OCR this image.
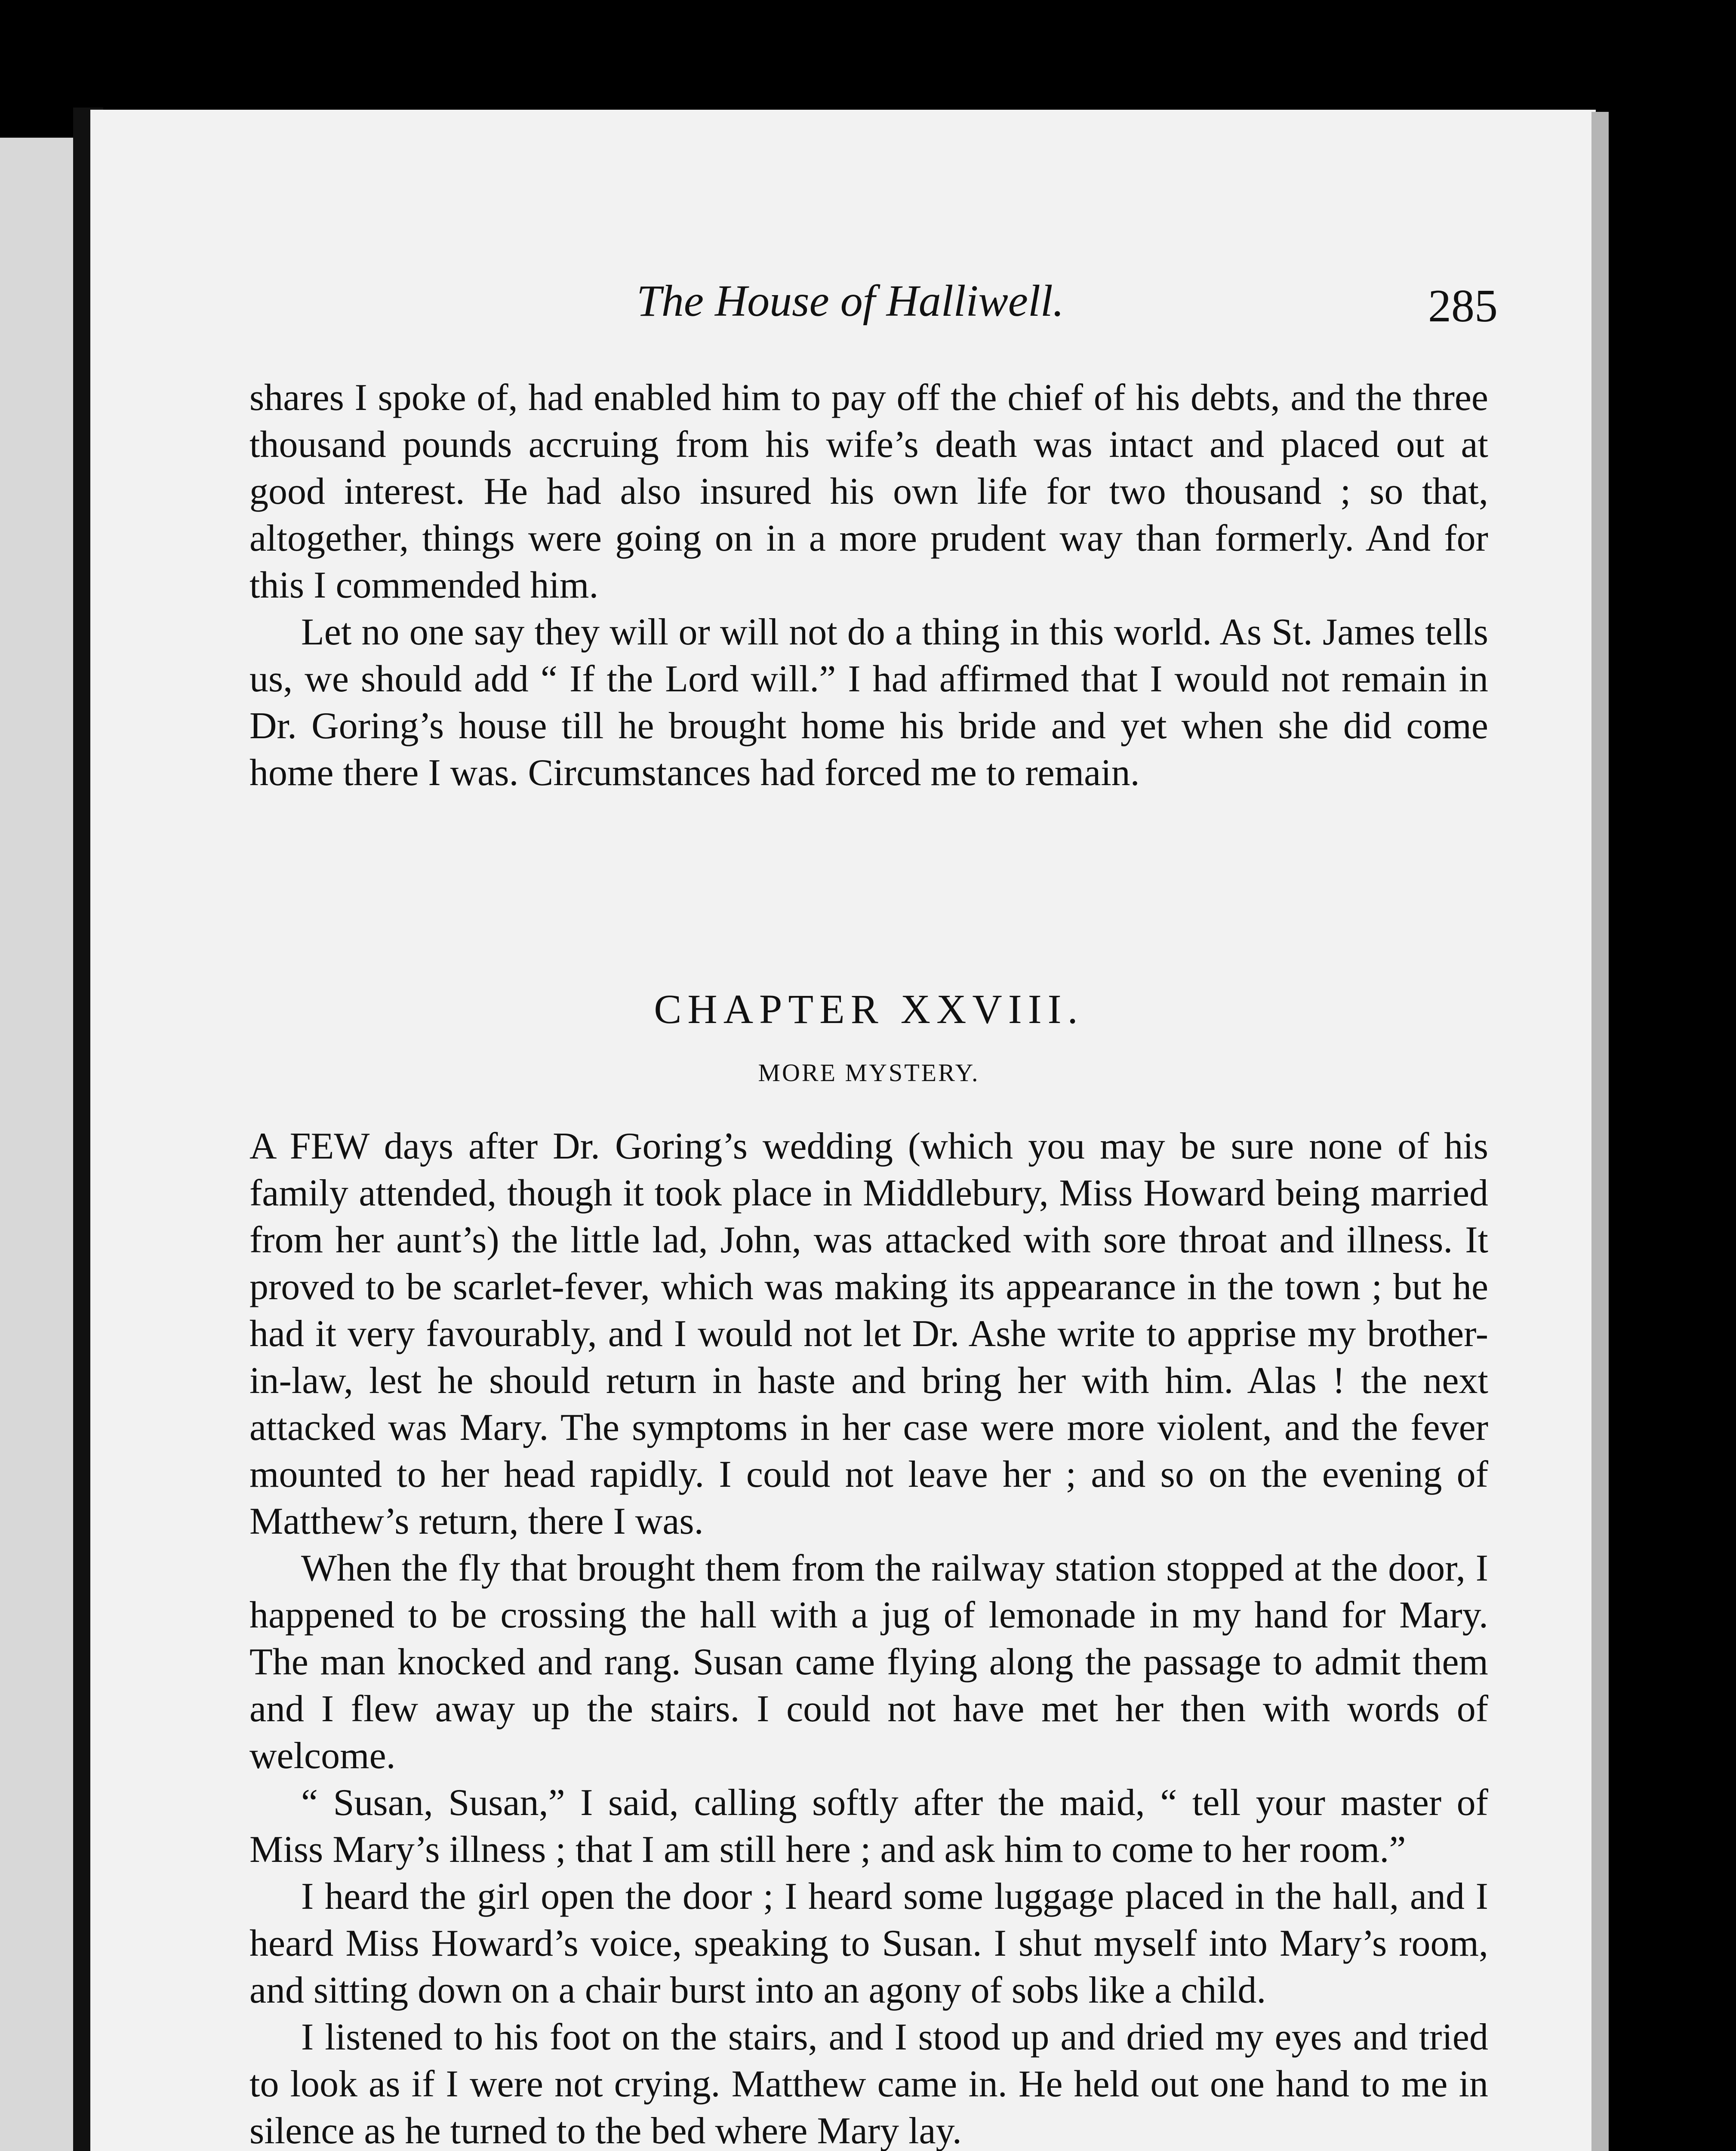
The House of Halliwell.	285

shares I spoke of, had enabled him to pay off the chief of his debts, and the three thousand pounds accruing from his wife’s death was intact and placed out at good interest. He had also insured his own life for two thousand ; so that, altogether, things were going on in a more prudent way than formerly. And for this I commended him.

Let no one say they will or will not do a thing in this world. As St. James tells us, we should add “ If the Lord will.” I had affirmed that I would not remain in Dr. Goring’s house till he brought home his bride and yet when she did come home there I was. Circumstances had forced me to remain.

CHAPTER XXVIII.
MORE MYSTERY.

A FEW days after Dr. Goring’s wedding (which you may be sure none of his family attended, though it took place in Middlebury, Miss Howard being married from her aunt’s) the little lad, John, was attacked with sore throat and illness. It proved to be scarlet-fever, which was making its appearance in the town ; but he had it very favourably, and I would not let Dr. Ashe write to apprise my brother-in-law, lest he should return in haste and bring her with him. Alas ! the next attacked was Mary. The symptoms in her case were more violent, and the fever mounted to her head rapidly. I could not leave her ; and so on the evening of Matthew’s return, there I was.

When the fly that brought them from the railway station stopped at the door, I happened to be crossing the hall with a jug of lemonade in my hand for Mary. The man knocked and rang. Susan came flying along the passage to admit them and I flew away up the stairs. I could not have met her then with words of welcome.

“ Susan, Susan,” I said, calling softly after the maid, “ tell your master of Miss Mary’s illness ; that I am still here ; and ask him to come to her room.”

I heard the girl open the door ; I heard some luggage placed in the hall, and I heard Miss Howard’s voice, speaking to Susan. I shut myself into Mary’s room, and sitting down on a chair burst into an agony of sobs like a child.

I listened to his foot on the stairs, and I stood up and dried my eyes and tried to look as if I were not crying. Matthew came in. He held out one hand to me in silence as he turned to the bed where Mary lay.
